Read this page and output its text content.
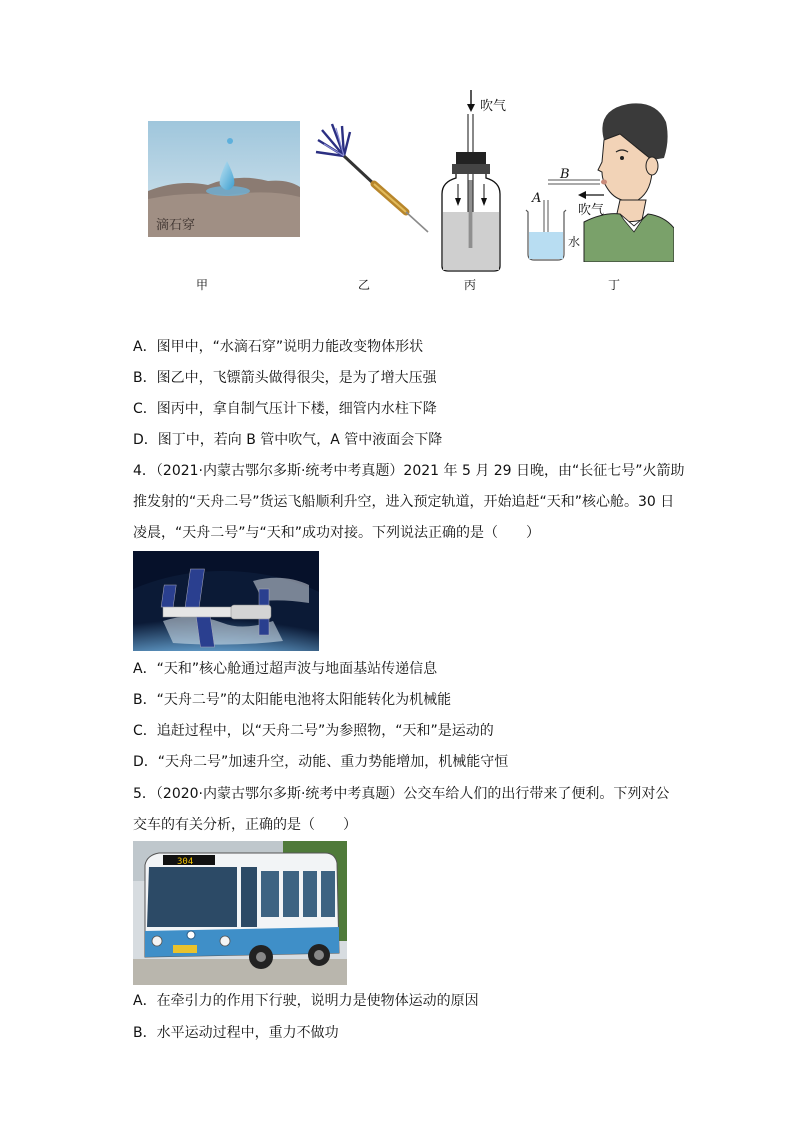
滴石穿
甲	乙
吹气
丙
B
A
水
吹气
丁
A．图甲中，“水滴石穿”说明力能改变物体形状
B．图乙中，飞镖箭头做得很尖，是为了增大压强
C．图丙中，拿自制气压计下楼，细管内水柱下降
D．图丁中，若向 B 管中吹气，A 管中液面会下降
4．（2021·内蒙古鄂尔多斯·统考中考真题）2021 年 5 月 29 日晚，由“长征七号”火箭助
推发射的“天舟二号”货运飞船顺利升空，进入预定轨道，开始追赶“天和”核心舱。30 日
凌晨，“天舟二号”与“天和”成功对接。下列说法正确的是（　　）
A．“天和”核心舱通过超声波与地面基站传递信息
B．“天舟二号”的太阳能电池将太阳能转化为机械能
C．追赶过程中，以“天舟二号”为参照物，“天和”是运动的
D．“天舟二号”加速升空，动能、重力势能增加，机械能守恒
5．（2020·内蒙古鄂尔多斯·统考中考真题）公交车给人们的出行带来了便利。下列对公
交车的有关分析，正确的是（　　）
304
A．在牵引力的作用下行驶，说明力是使物体运动的原因
B．水平运动过程中，重力不做功
